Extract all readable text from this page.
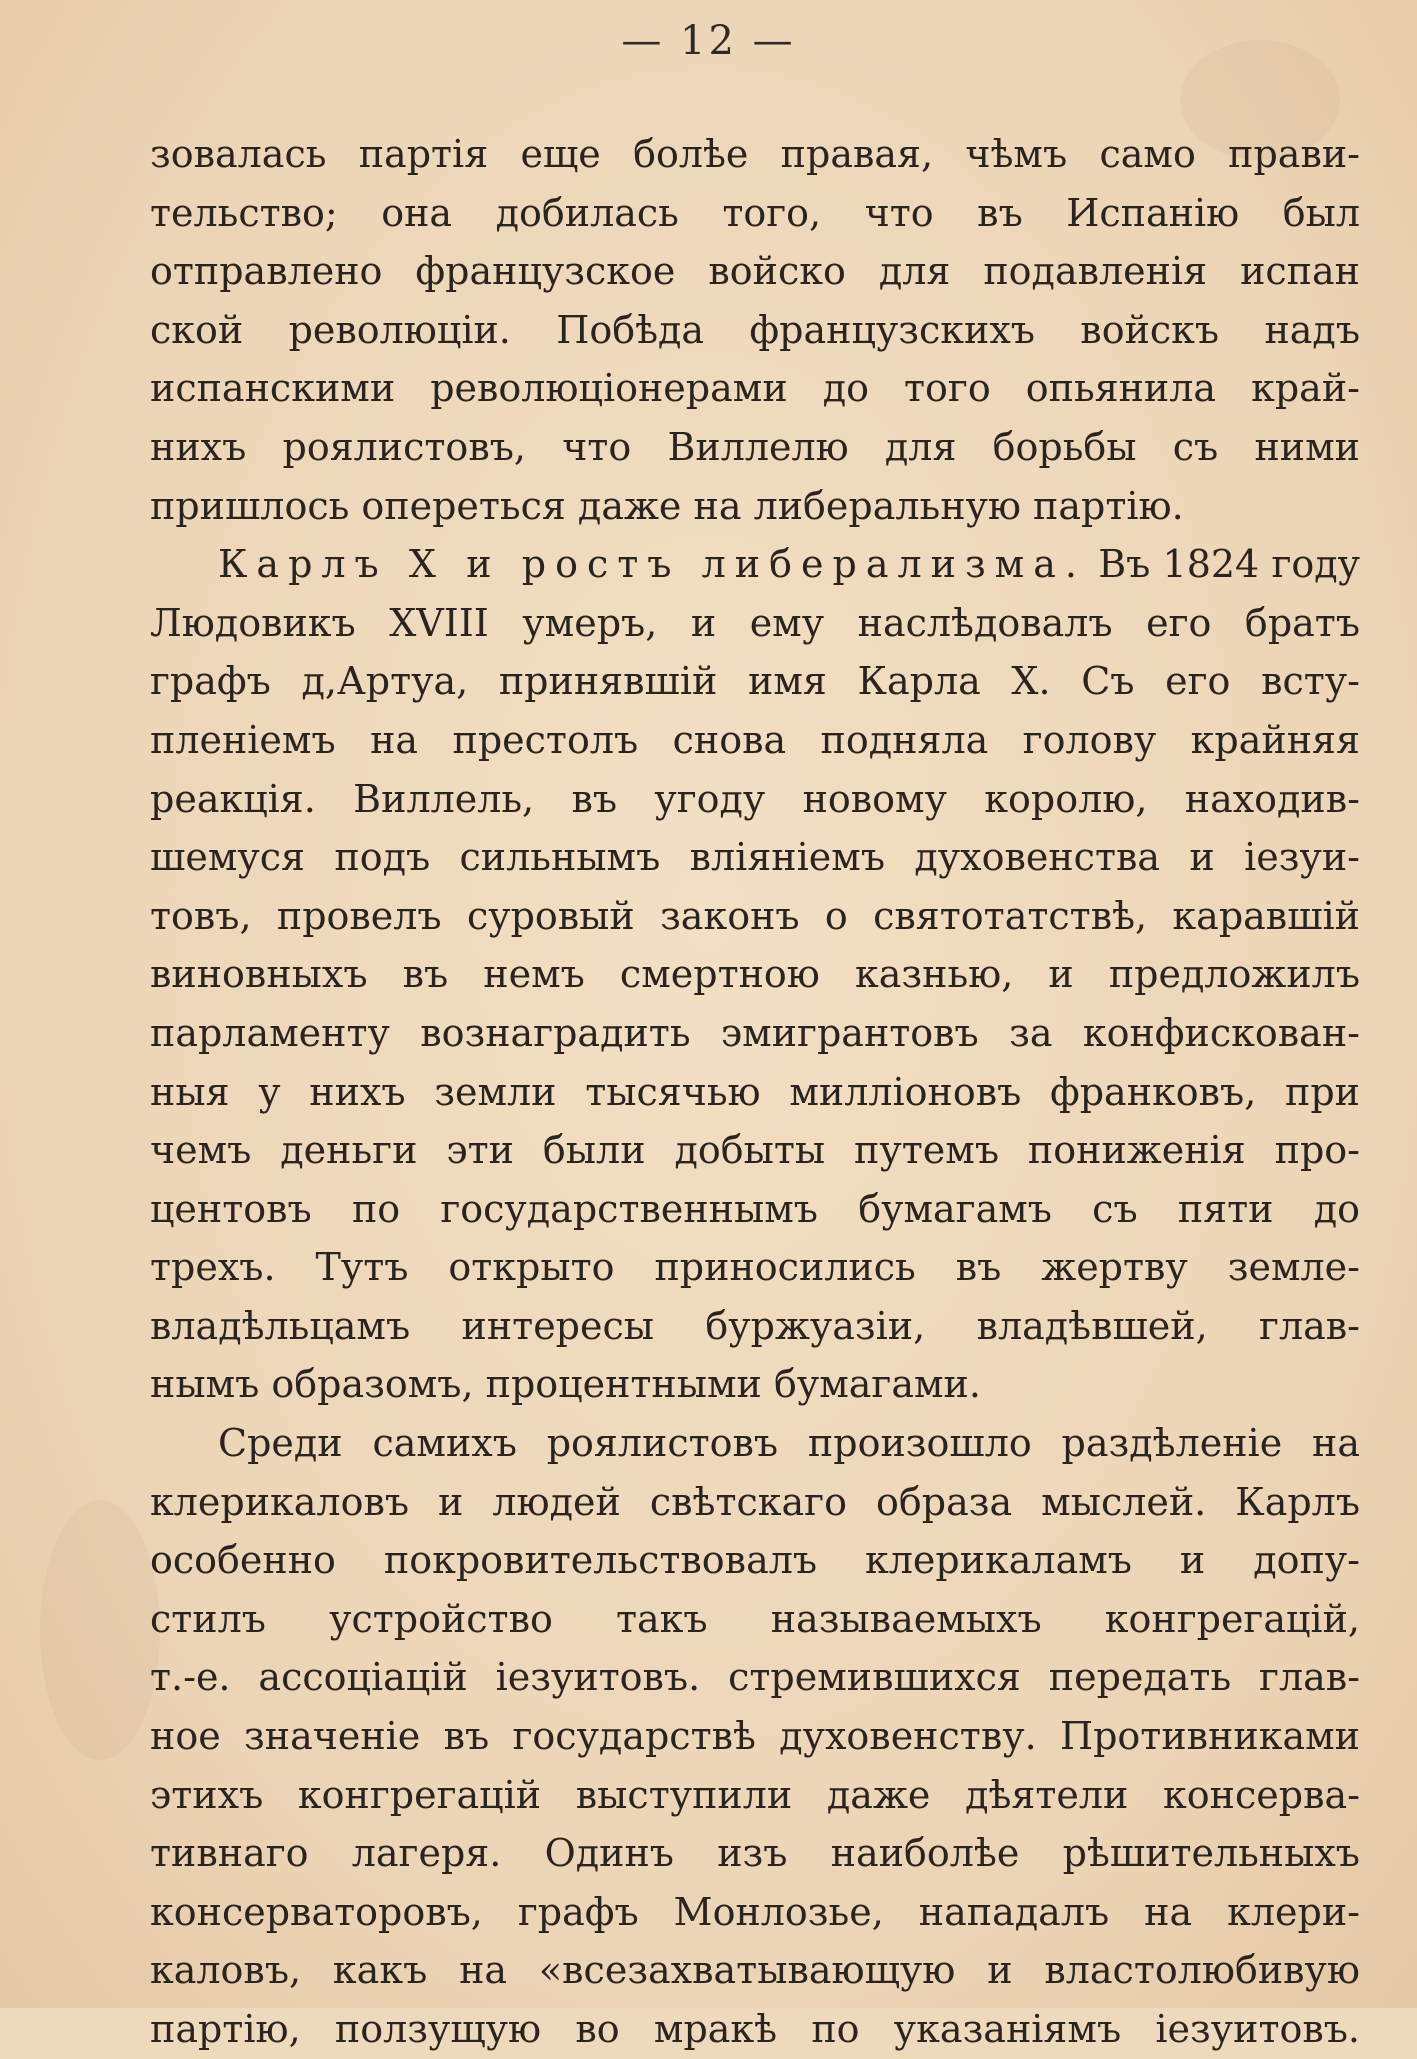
— 12 —
зовалась партія еще болѣе правая, чѣмъ само прави-
тельство; она добилась того, что въ Испанію был
отправлено французское войско для подавленія испан
ской революціи. Побѣда французскихъ войскъ надъ
испанскими революціонерами до того опьянила край-
нихъ роялистовъ, что Виллелю для борьбы съ ними
пришлось опереться даже на либеральную партію.
Карлъ Х и ростъ либерализма. Въ 1824 году
Людовикъ XVIII умеръ, и ему наслѣдовалъ его братъ
графъ д,Артуа, принявшій имя Карла X. Съ его всту-
пленіемъ на престолъ снова подняла голову крайняя
реакція. Виллель, въ угоду новому королю, находив-
шемуся подъ сильнымъ вліяніемъ духовенства и іезуи-
товъ, провелъ суровый законъ о святотатствѣ, каравшій
виновныхъ въ немъ смертною казнью, и предложилъ
парламенту вознаградить эмигрантовъ за конфискован-
ныя у нихъ земли тысячью милліоновъ франковъ, при
чемъ деньги эти были добыты путемъ пониженія про-
центовъ по государственнымъ бумагамъ съ пяти до
трехъ. Тутъ открыто приносились въ жертву земле-
владѣльцамъ интересы буржуазіи, владѣвшей, глав-
нымъ образомъ, процентными бумагами.
Среди самихъ роялистовъ произошло раздѣленіе на
клерикаловъ и людей свѣтскаго образа мыслей. Карлъ
особенно покровительствовалъ клерикаламъ и допу-
стилъ устройство такъ называемыхъ конгрегацій,
т.-е. ассоціацій іезуитовъ. стремившихся передать глав-
ное значеніе въ государствѣ духовенству. Противниками
этихъ конгрегацій выступили даже дѣятели консерва-
тивнаго лагеря. Одинъ изъ наиболѣе рѣшительныхъ
консерваторовъ, графъ Монлозье, нападалъ на клери-
каловъ, какъ на «всезахватывающую и властолюбивую
партію, ползущую во мракѣ по указаніямъ іезуитовъ.
